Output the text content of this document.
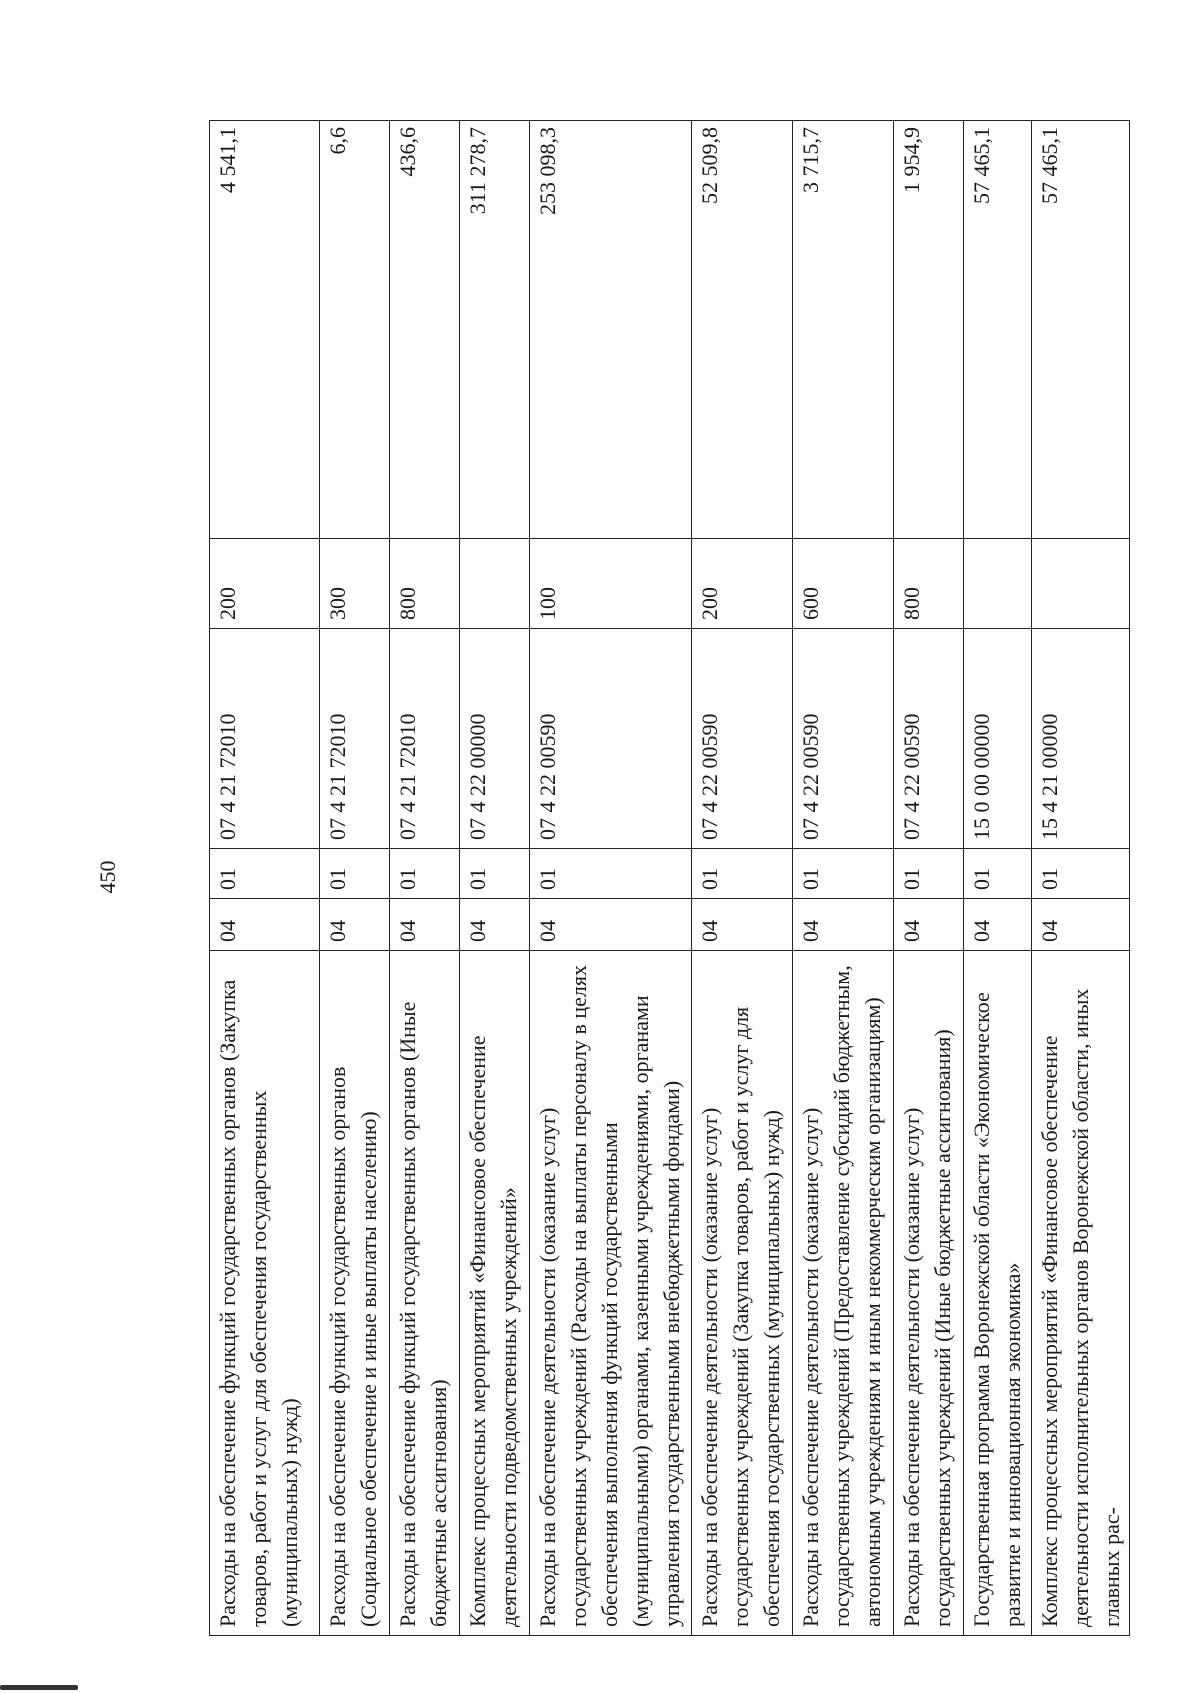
450
Расходы на обеспечение функций государственных органов (Закупка товаров, работ и услуг для обеспечения государственных (муниципальных) нужд)	04	01	07 4 21 72010	200	4 541,1
Расходы на обеспечение функций государственных органов (Социальное обеспечение и иные выплаты населению)	04	01	07 4 21 72010	300	6,6
Расходы на обеспечение функций государственных органов (Иные бюджетные ассигнования)	04	01	07 4 21 72010	800	436,6
Комплекс процессных мероприятий «Финансовое обеспечение деятельности подведомственных учреждений»	04	01	07 4 22 00000		311 278,7
Расходы на обеспечение деятельности (оказание услуг) государственных учреждений (Расходы на выплаты персоналу в целях обеспечения выполнения функций государственными (муниципальными) органами, казенными учреждениями, органами управления государственными внебюджетными фондами)	04	01	07 4 22 00590	100	253 098,3
Расходы на обеспечение деятельности (оказание услуг) государственных учреждений (Закупка товаров, работ и услуг для обеспечения государственных (муниципальных) нужд)	04	01	07 4 22 00590	200	52 509,8
Расходы на обеспечение деятельности (оказание услуг) государственных учреждений (Предоставление субсидий бюджетным, автономным учреждениям и иным некоммерческим организациям)	04	01	07 4 22 00590	600	3 715,7
Расходы на обеспечение деятельности (оказание услуг) государственных учреждений (Иные бюджетные ассигнования)	04	01	07 4 22 00590	800	1 954,9
Государственная программа Воронежской области «Экономическое развитие и инновационная экономика»	04	01	15 0 00 00000		57 465,1
Комплекс процессных мероприятий «Финансовое обеспечение деятельности исполнительных органов Воронежской области, иных главных рас-	04	01	15 4 21 00000		57 465,1
